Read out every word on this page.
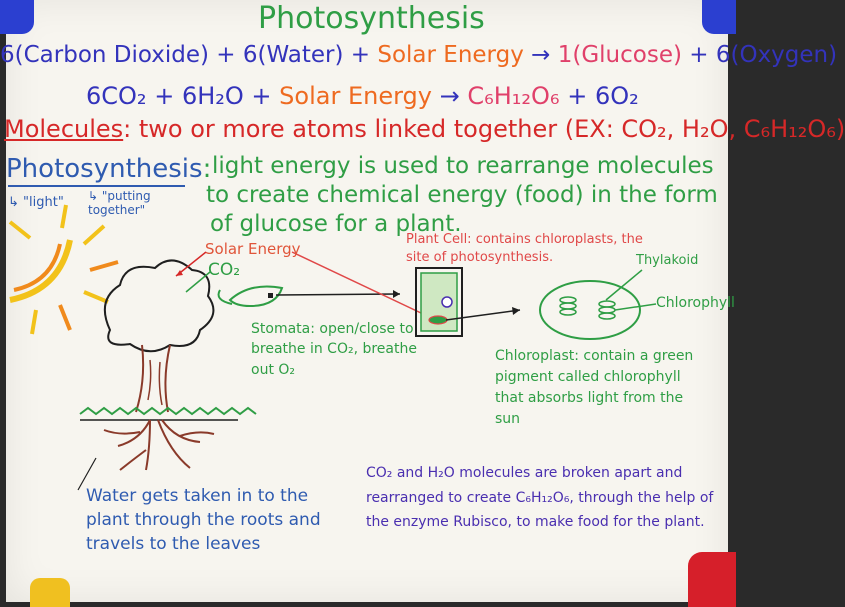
Photosynthesis
6(Carbon Dioxide) + 6(Water) + Solar Energy → 1(Glucose) + 6(Oxygen)
6CO₂ + 6H₂O + Solar Energy → C₆H₁₂O₆ + 6O₂
Molecules: two or more atoms linked together (EX: CO₂, H₂O, C₆H₁₂O₆)
Photosynthesis: light energy is used to rearrange molecules
to create chemical energy (food) in the form
of glucose for a plant.
↳ "light" ↳ "putting together"
Solar Energy
CO₂
Plant Cell: contains chloroplasts, the site of photosynthesis.	Thylakoid
Chlorophyll
Stomata: open/close to breathe in CO₂, breathe out O₂
Chloroplast: contain a green pigment called chlorophyll that absorbs light from the sun
Water gets taken in to the plant through the roots and travels to the leaves
CO₂ and H₂O molecules are broken apart and rearranged to create C₆H₁₂O₆, through the help of the enzyme Rubisco, to make food for the plant.
